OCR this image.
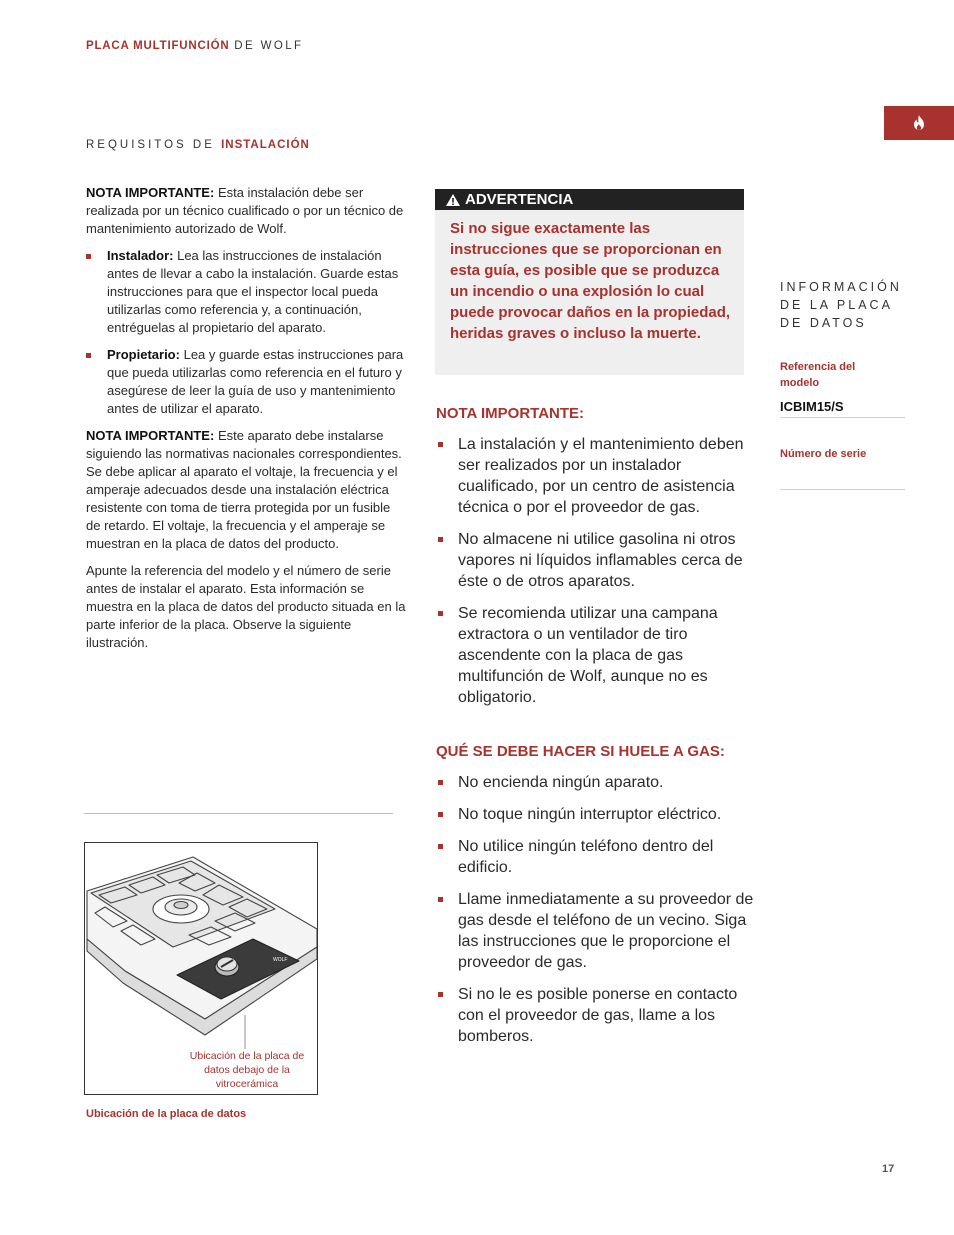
PLACA MULTIFUNCIÓN DE WOLF
REQUISITOS DE INSTALACIÓN

NOTA IMPORTANTE: Esta instalación debe ser realizada por un técnico cualificado o por un técnico de mantenimiento autorizado de Wolf.

Instalador: Lea las instrucciones de instalación antes de llevar a cabo la instalación. Guarde estas instrucciones para que el inspector local pueda utilizarlas como referencia y, a continuación, entréguelas al propietario del aparato.
Propietario: Lea y guarde estas instrucciones para que pueda utilizarlas como referencia en el futuro y asegúrese de leer la guía de uso y mantenimiento antes de utilizar el aparato.

NOTA IMPORTANTE: Este aparato debe instalarse siguiendo las normativas nacionales correspondientes. Se debe aplicar al aparato el voltaje, la frecuencia y el amperaje adecuados desde una instalación eléctrica resistente con toma de tierra protegida por un fusible de retardo. El voltaje, la frecuencia y el amperaje se muestran en la placa de datos del producto.

Apunte la referencia del modelo y el número de serie antes de instalar el aparato. Esta información se muestra en la placa de datos del producto situada en la parte inferior de la placa. Observe la siguiente ilustración.

WOLF
Ubicación de la placa de datos debajo de la vitrocerámica
Ubicación de la placa de datos
ADVERTENCIA
Si no sigue exactamente las instrucciones que se proporcionan en esta guía, es posible que se produzca un incendio o una explosión lo cual puede provocar daños en la propiedad, heridas graves o incluso la muerte.
NOTA IMPORTANTE:
La instalación y el mantenimiento deben ser realizados por un instalador cualificado, por un centro de asistencia técnica o por el proveedor de gas.
No almacene ni utilice gasolina ni otros vapores ni líquidos inflamables cerca de éste o de otros aparatos.
Se recomienda utilizar una campana extractora o un ventilador de tiro ascendente con la placa de gas multifunción de Wolf, aunque no es obligatorio.
QUÉ SE DEBE HACER SI HUELE A GAS:
No encienda ningún aparato.
No toque ningún interruptor eléctrico.
No utilice ningún teléfono dentro del edificio.
Llame inmediatamente a su proveedor de gas desde el teléfono de un vecino. Siga las instrucciones que le proporcione el proveedor de gas.
Si no le es posible ponerse en contacto con el proveedor de gas, llame a los bomberos.
INFORMACIÓN DE LA PLACA DE DATOS
Referencia del modelo
ICBIM15/S
Número de serie
17
